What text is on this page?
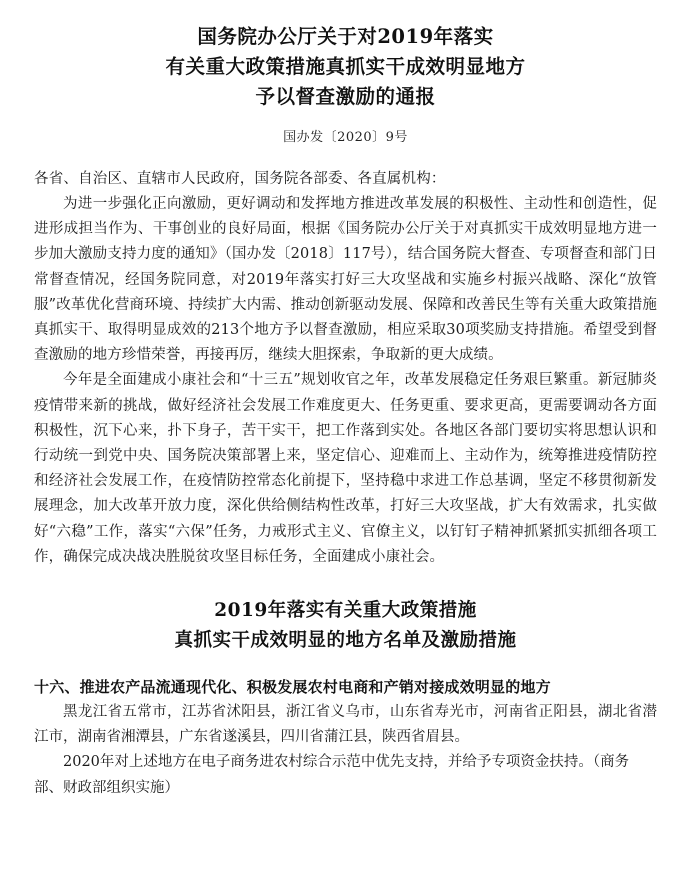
国务院办公厅关于对2019年落实
有关重大政策措施真抓实干成效明显地方
予以督查激励的通报
国办发〔2020〕9号
各省、自治区、直辖市人民政府，国务院各部委、各直属机构：

为进一步强化正向激励，更好调动和发挥地方推进改革发展的积极性、主动性和创造性，促进形成担当作为、干事创业的良好局面，根据《国务院办公厅关于对真抓实干成效明显地方进一步加大激励支持力度的通知》（国办发〔2018〕117号），结合国务院大督查、专项督查和部门日常督查情况，经国务院同意，对2019年落实打好三大攻坚战和实施乡村振兴战略、深化“放管服”改革优化营商环境、持续扩大内需、推动创新驱动发展、保障和改善民生等有关重大政策措施真抓实干、取得明显成效的213个地方予以督查激励，相应采取30项奖励支持措施。希望受到督查激励的地方珍惜荣誉，再接再厉，继续大胆探索，争取新的更大成绩。

今年是全面建成小康社会和“十三五”规划收官之年，改革发展稳定任务艰巨繁重。新冠肺炎疫情带来新的挑战，做好经济社会发展工作难度更大、任务更重、要求更高，更需要调动各方面积极性，沉下心来，扑下身子，苦干实干，把工作落到实处。各地区各部门要切实将思想认识和行动统一到党中央、国务院决策部署上来，坚定信心、迎难而上、主动作为，统筹推进疫情防控和经济社会发展工作，在疫情防控常态化前提下，坚持稳中求进工作总基调，坚定不移贯彻新发展理念，加大改革开放力度，深化供给侧结构性改革，打好三大攻坚战，扩大有效需求，扎实做好“六稳”工作，落实“六保”任务，力戒形式主义、官僚主义，以钉钉子精神抓紧抓实抓细各项工作，确保完成决战决胜脱贫攻坚目标任务，全面建成小康社会。

2019年落实有关重大政策措施
真抓实干成效明显的地方名单及激励措施
十六、推进农产品流通现代化、积极发展农村电商和产销对接成效明显的地方

黑龙江省五常市，江苏省沭阳县，浙江省义乌市，山东省寿光市，河南省正阳县，湖北省潜江市，湖南省湘潭县，广东省遂溪县，四川省蒲江县，陕西省眉县。

2020年对上述地方在电子商务进农村综合示范中优先支持，并给予专项资金扶持。（商务

部、财政部组织实施）
